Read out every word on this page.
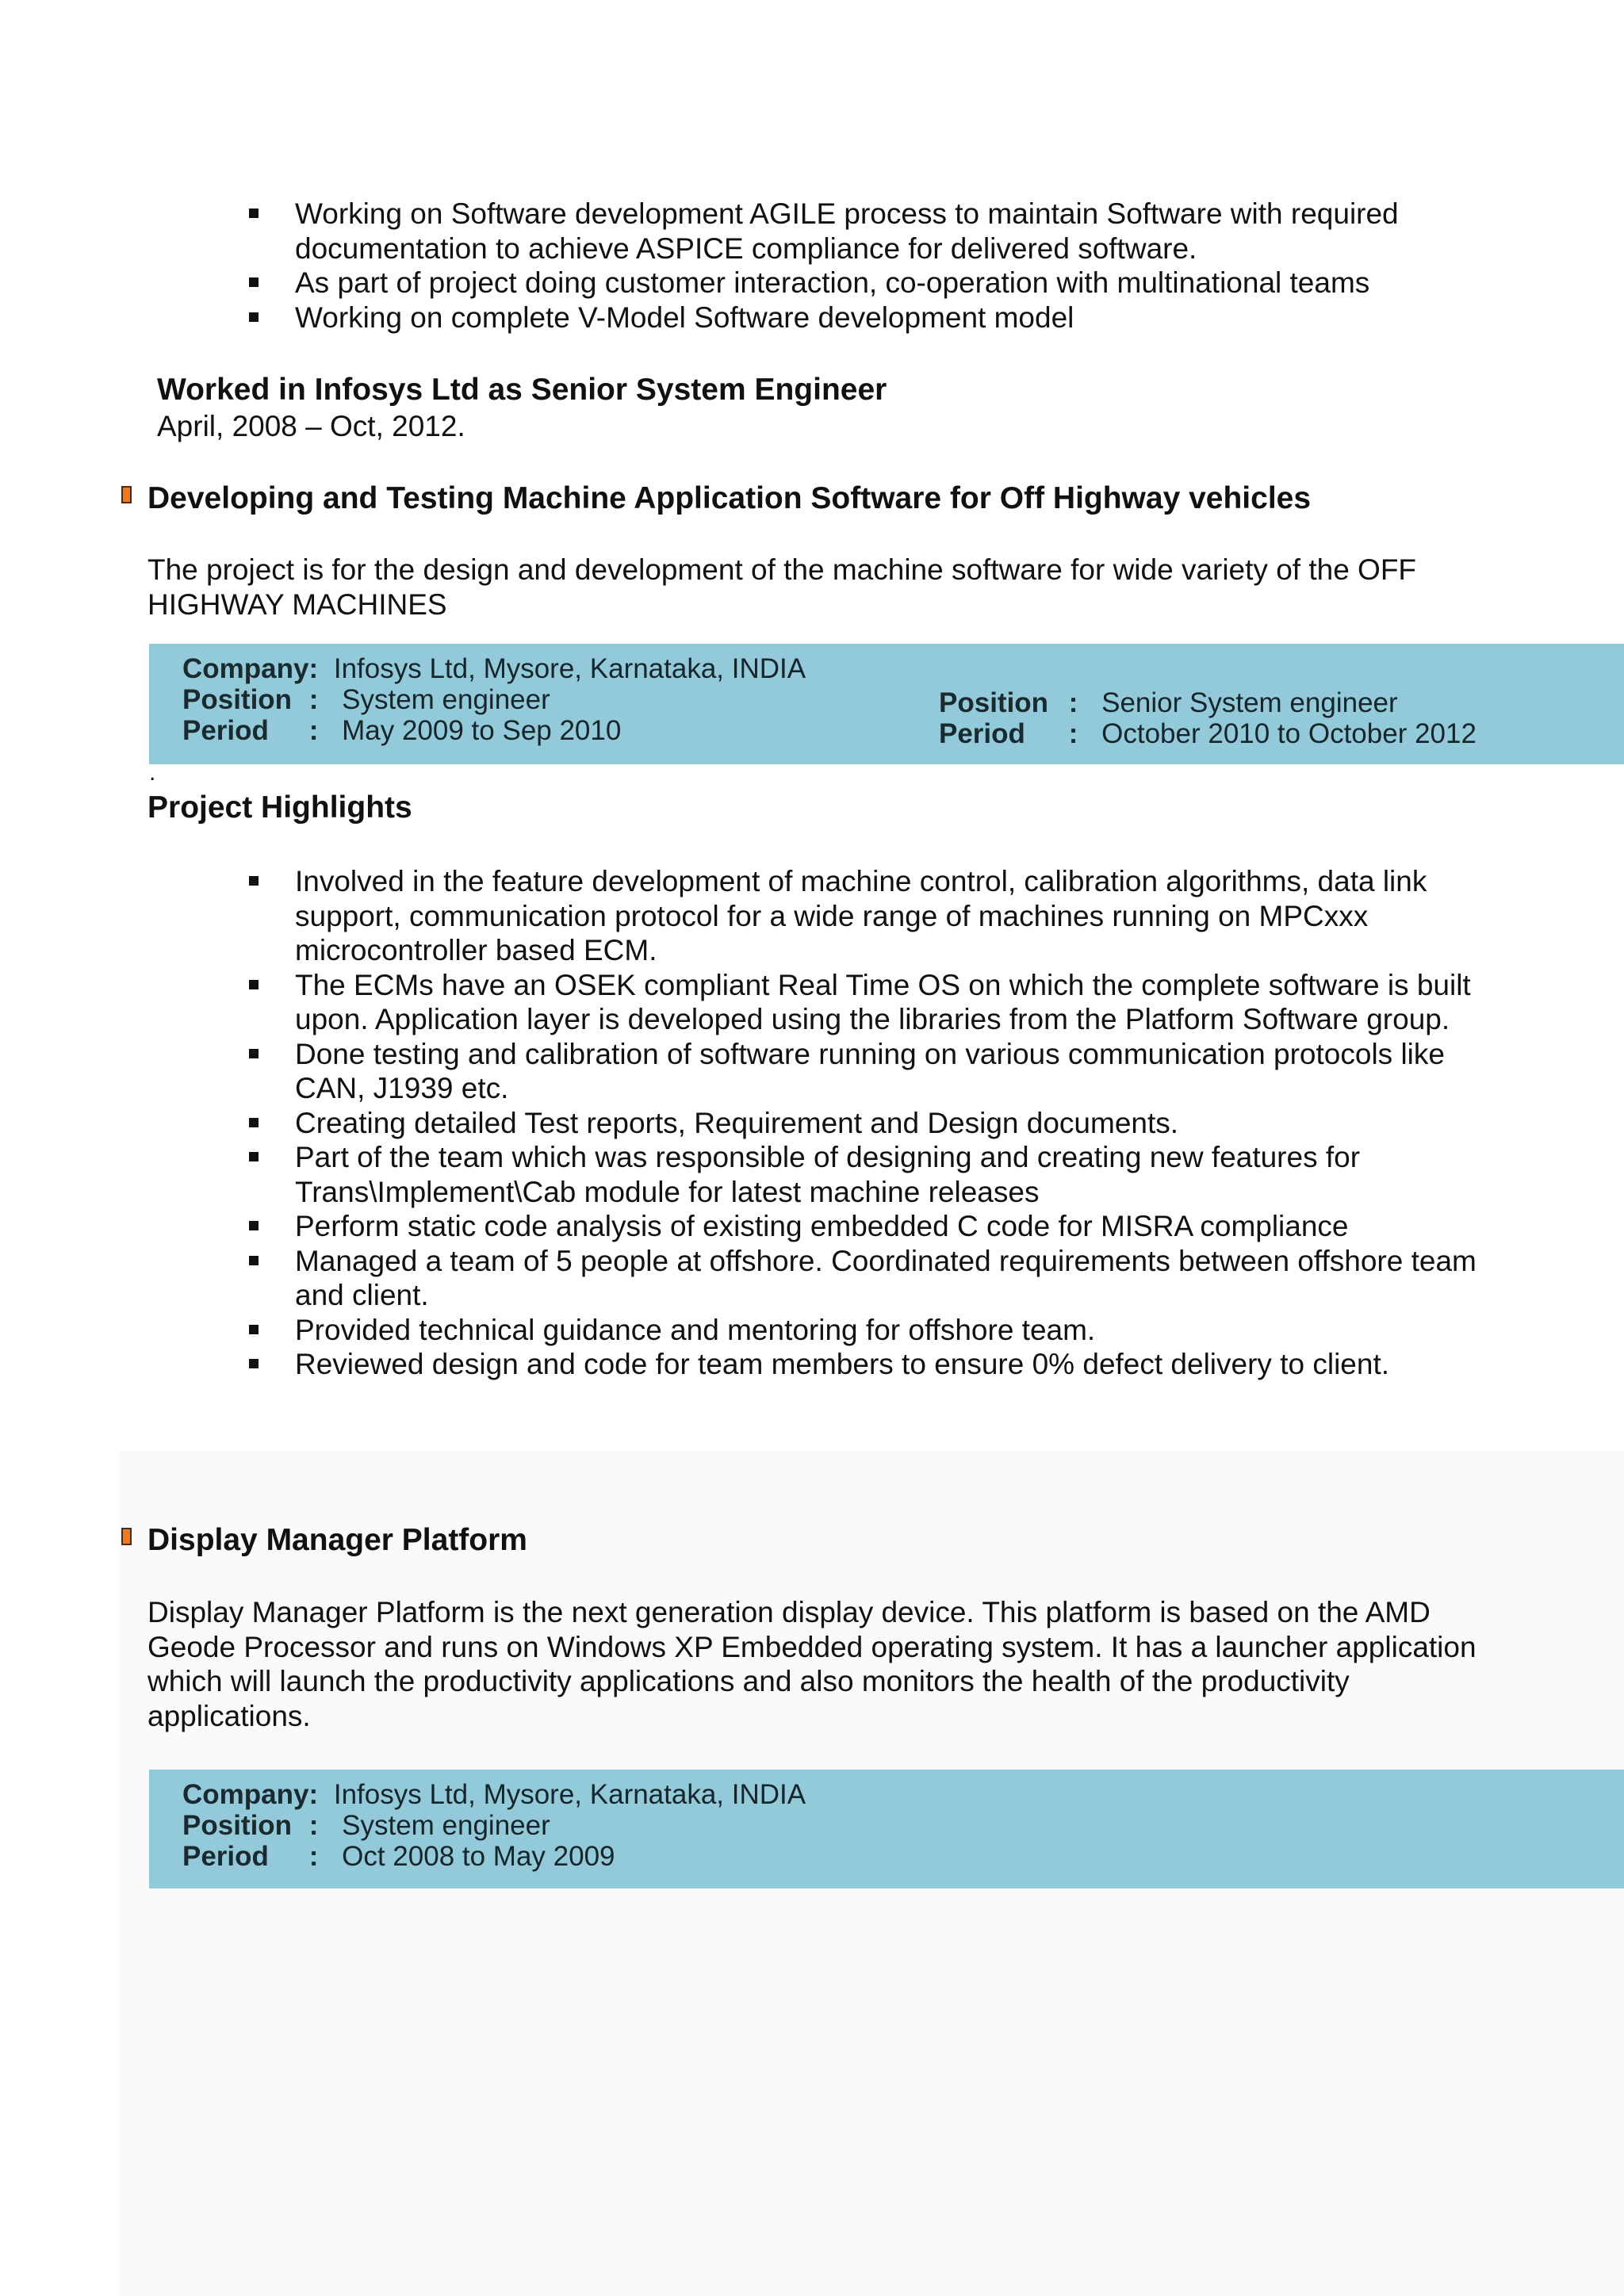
Working on Software development AGILE process to maintain Software with required documentation to achieve ASPICE compliance for delivered software.
As part of project doing customer interaction, co-operation with multinational teams
Working on complete V-Model Software development model
Worked in Infosys Ltd as Senior System Engineer
April, 2008 – Oct, 2012.
Developing and Testing Machine Application Software for Off Highway vehicles

The project is for the design and development of the machine software for wide variety of the OFF HIGHWAY MACHINES

Company: Infosys Ltd, Mysore, Karnataka, INDIA
Position : System engineer
Period : May 2009 to Sep 2010
Position : Senior System engineer
Period : October 2010 to October 2012
.
Project Highlights
Involved in the feature development of machine control, calibration algorithms, data link support, communication protocol for a wide range of machines running on MPCxxx microcontroller based ECM.
The ECMs have an OSEK compliant Real Time OS on which the complete software is built upon. Application layer is developed using the libraries from the Platform Software group.
Done testing and calibration of software running on various communication protocols like CAN, J1939 etc.
Creating detailed Test reports, Requirement and Design documents.
Part of the team which was responsible of designing and creating new features for Trans\Implement\Cab module for latest machine releases
Perform static code analysis of existing embedded C code for MISRA compliance
Managed a team of 5 people at offshore. Coordinated requirements between offshore team and client.
Provided technical guidance and mentoring for offshore team.
Reviewed design and code for team members to ensure 0% defect delivery to client.
Display Manager Platform

Display Manager Platform is the next generation display device. This platform is based on the AMD Geode Processor and runs on Windows XP Embedded operating system. It has a launcher application which will launch the productivity applications and also monitors the health of the productivity applications.

Company: Infosys Ltd, Mysore, Karnataka, INDIA
Position : System engineer
Period : Oct 2008 to May 2009
